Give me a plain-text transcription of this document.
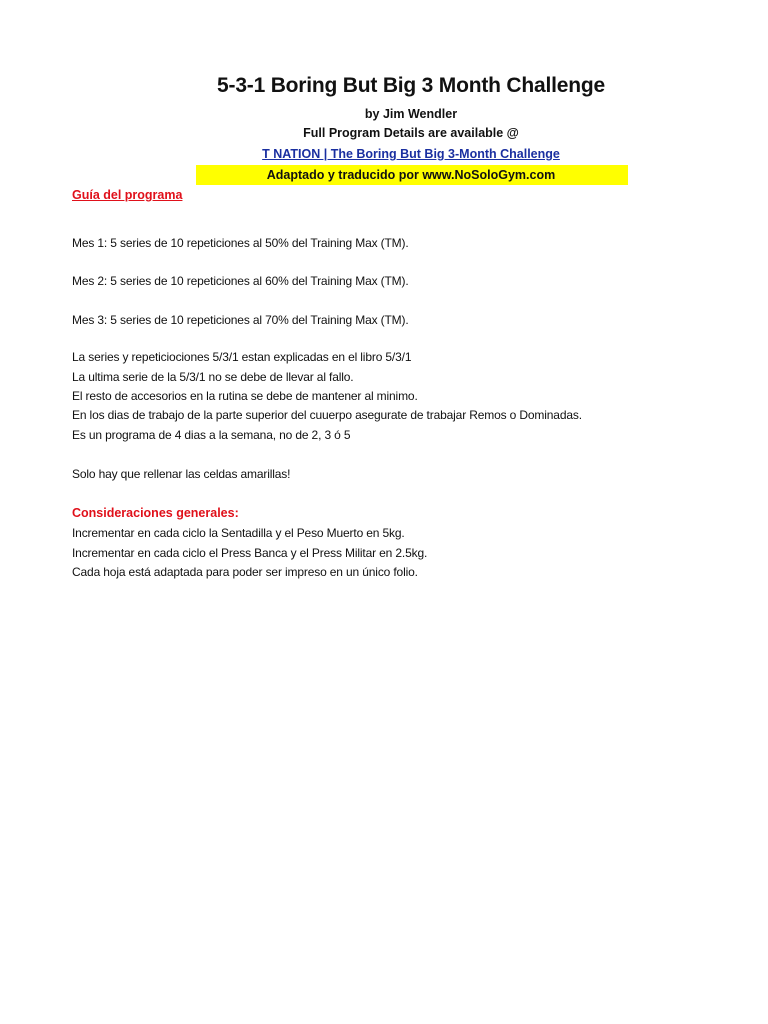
5-3-1 Boring But Big 3 Month Challenge
by Jim Wendler
Full Program Details are available @
T NATION | The Boring But Big 3-Month Challenge
Adaptado y traducido por www.NoSoloGym.com
Guía del programa
Mes 1: 5 series de 10 repeticiones al 50% del Training Max (TM).
Mes 2: 5 series de 10 repeticiones al 60% del Training Max (TM).
Mes 3: 5 series de 10 repeticiones al 70% del Training Max (TM).
La series y repeticiociones 5/3/1 estan explicadas en el libro 5/3/1
La ultima serie de la 5/3/1 no se debe de llevar al fallo.
El resto de accesorios en la rutina se debe de mantener al minimo.
En los dias de trabajo de la parte superior del cuuerpo asegurate de trabajar Remos o Dominadas.
Es un programa de 4 dias a la semana, no de 2, 3 ó 5
Solo hay que rellenar las celdas amarillas!
Consideraciones generales:
Incrementar en cada ciclo la Sentadilla y el Peso Muerto en 5kg.
Incrementar en cada ciclo el Press Banca y el Press Militar en 2.5kg.
Cada hoja está adaptada para poder ser impreso en un único folio.
